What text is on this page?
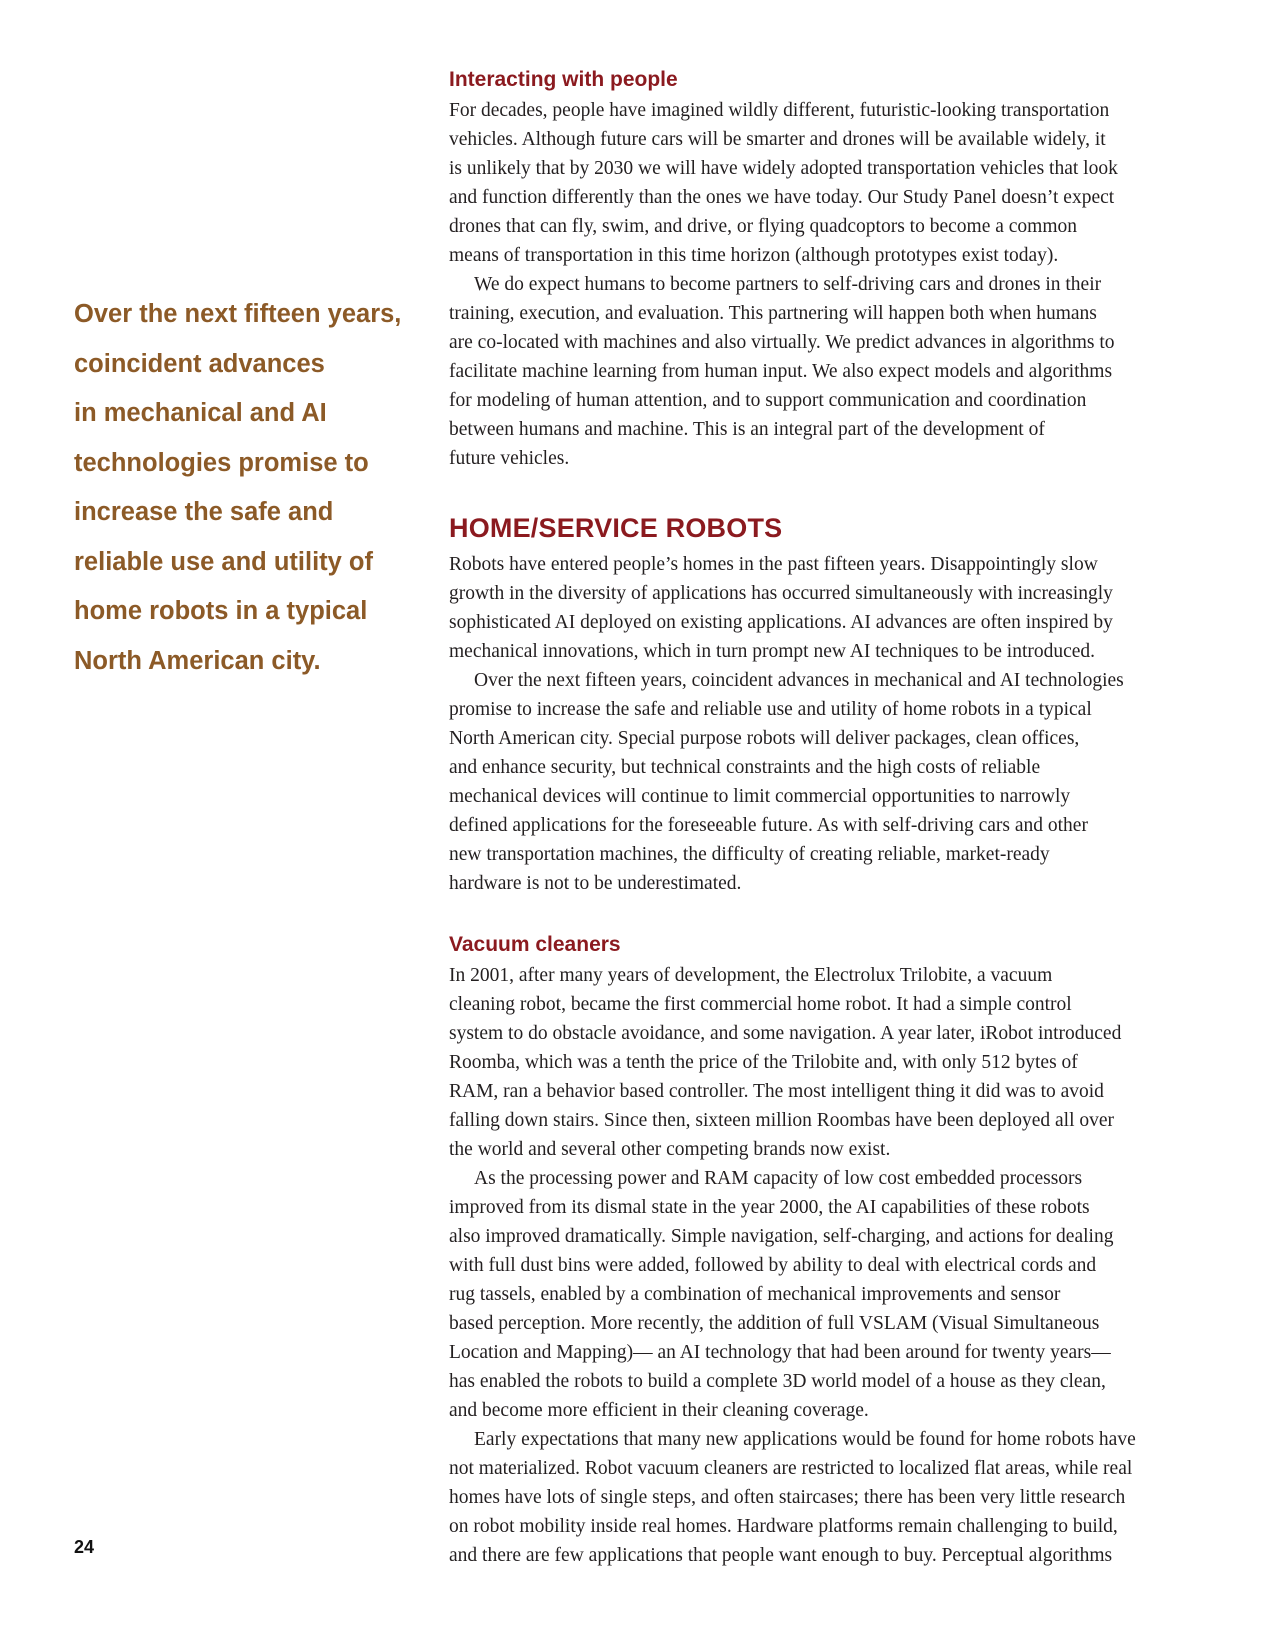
Over the next fifteen years,
coincident advances
in mechanical and AI
technologies promise to
increase the safe and
reliable use and utility of
home robots in a typical
North American city.
Interacting with people

For decades, people have imagined wildly different, futuristic-looking transportation
vehicles. Although future cars will be smarter and drones will be available widely, it
is unlikely that by 2030 we will have widely adopted transportation vehicles that look
and function differently than the ones we have today. Our Study Panel doesn’t expect
drones that can fly, swim, and drive, or flying quadcoptors to become a common
means of transportation in this time horizon (although prototypes exist today).

We do expect humans to become partners to self-driving cars and drones in their
training, execution, and evaluation. This partnering will happen both when humans
are co-located with machines and also virtually. We predict advances in algorithms to
facilitate machine learning from human input. We also expect models and algorithms
for modeling of human attention, and to support communication and coordination
between humans and machine. This is an integral part of the development of
future vehicles.

HOME/SERVICE ROBOTS

Robots have entered people’s homes in the past fifteen years. Disappointingly slow
growth in the diversity of applications has occurred simultaneously with increasingly
sophisticated AI deployed on existing applications. AI advances are often inspired by
mechanical innovations, which in turn prompt new AI techniques to be introduced.

Over the next fifteen years, coincident advances in mechanical and AI technologies
promise to increase the safe and reliable use and utility of home robots in a typical
North American city. Special purpose robots will deliver packages, clean offices,
and enhance security, but technical constraints and the high costs of reliable
mechanical devices will continue to limit commercial opportunities to narrowly
defined applications for the foreseeable future. As with self-driving cars and other
new transportation machines, the difficulty of creating reliable, market-ready
hardware is not to be underestimated.

Vacuum cleaners

In 2001, after many years of development, the Electrolux Trilobite, a vacuum
cleaning robot, became the first commercial home robot. It had a simple control
system to do obstacle avoidance, and some navigation. A year later, iRobot introduced
Roomba, which was a tenth the price of the Trilobite and, with only 512 bytes of
RAM, ran a behavior based controller. The most intelligent thing it did was to avoid
falling down stairs. Since then, sixteen million Roombas have been deployed all over
the world and several other competing brands now exist.

As the processing power and RAM capacity of low cost embedded processors
improved from its dismal state in the year 2000, the AI capabilities of these robots
also improved dramatically. Simple navigation, self-charging, and actions for dealing
with full dust bins were added, followed by ability to deal with electrical cords and
rug tassels, enabled by a combination of mechanical improvements and sensor
based perception. More recently, the addition of full VSLAM (Visual Simultaneous
Location and Mapping)— an AI technology that had been around for twenty years—
has enabled the robots to build a complete 3D world model of a house as they clean,
and become more efficient in their cleaning coverage.

Early expectations that many new applications would be found for home robots have
not materialized. Robot vacuum cleaners are restricted to localized flat areas, while real
homes have lots of single steps, and often staircases; there has been very little research
on robot mobility inside real homes. Hardware platforms remain challenging to build,
and there are few applications that people want enough to buy. Perceptual algorithms

24
